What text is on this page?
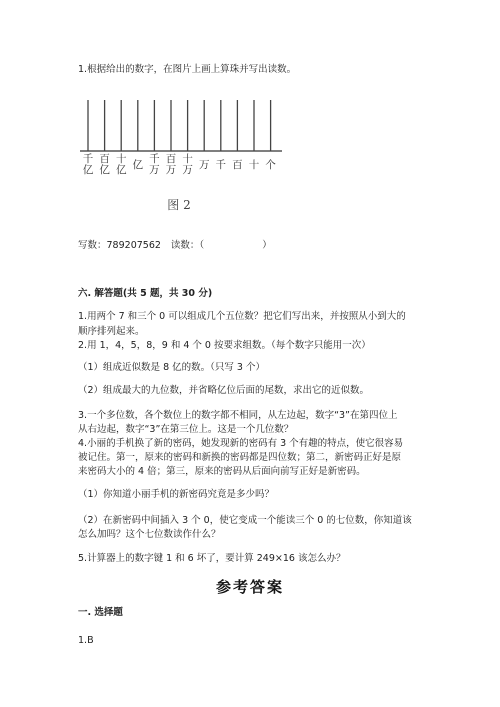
1.根据给出的数字，在图片上画上算珠并写出读数。
千
亿
百
亿
十
亿 亿 千
万
百
万
十
万 万 千 百 十 个
图 2
写数：789207562 读数：（	）
六. 解答题(共 5 题，共 30 分)
1.用两个 7 和三个 0 可以组成几个五位数？把它们写出来，并按照从小到大的
顺序排列起来。
2.用 1，4，5，8，9 和 4 个 0 按要求组数。（每个数字只能用一次）
（1）组成近似数是 8 亿的数。（只写 3 个）
（2）组成最大的九位数，并省略亿位后面的尾数，求出它的近似数。
3.一个多位数，各个数位上的数字都不相同，从左边起，数字“3”在第四位上
从右边起，数字“3”在第三位上。这是一个几位数？
4.小丽的手机换了新的密码，她发现新的密码有 3 个有趣的特点，使它很容易
被记住。第一，原来的密码和新换的密码都是四位数；第二，新密码正好是原
来密码大小的 4 倍；第三，原来的密码从后面向前写正好是新密码。
（1）你知道小丽手机的新密码究竟是多少吗？
（2）在新密码中间插入 3 个 0，使它变成一个能读三个 0 的七位数，你知道该
怎么加吗？这个七位数读作什么？
5.计算器上的数字键 1 和 6 坏了，要计算 249×16 该怎么办？
参考答案
一. 选择题
1.B
